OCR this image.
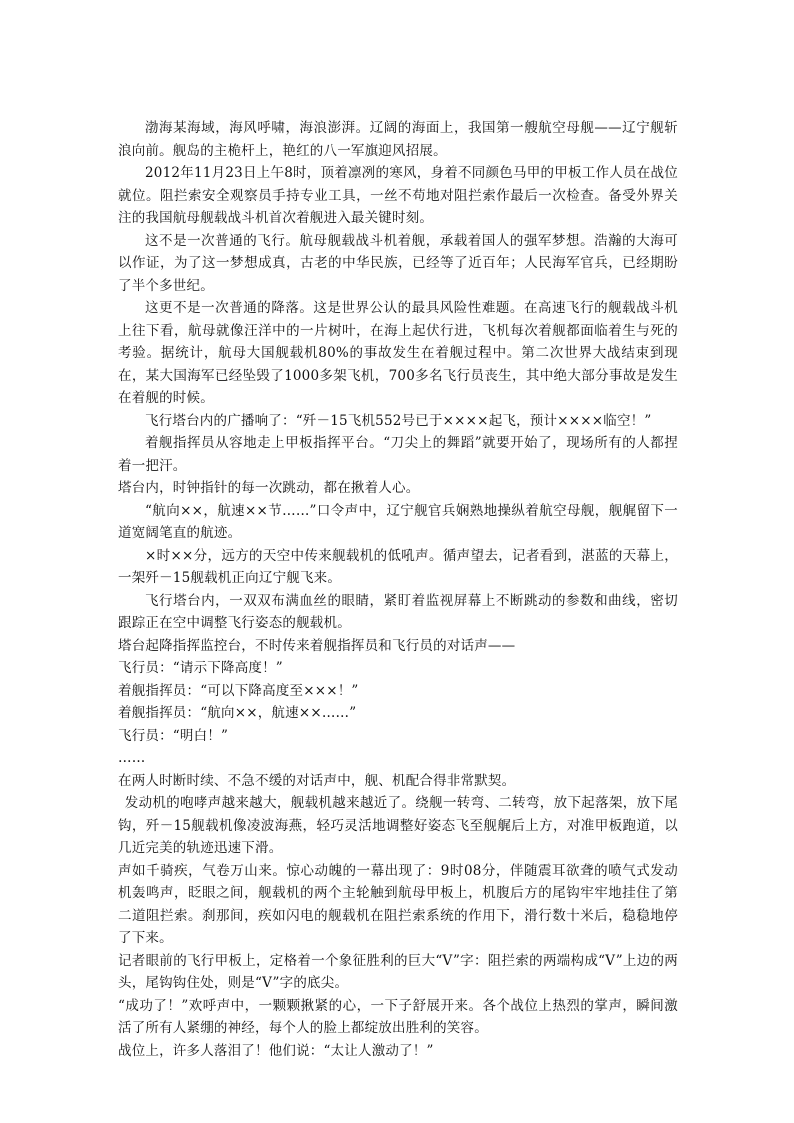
渤海某海域，海风呼啸，海浪澎湃。辽阔的海面上，我国第一艘航空母舰——辽宁舰斩浪向前。舰岛的主桅杆上，艳红的八一军旗迎风招展。

2012年11月23日上午8时，顶着凛冽的寒风，身着不同颜色马甲的甲板工作人员在战位就位。阻拦索安全观察员手持专业工具，一丝不苟地对阻拦索作最后一次检查。备受外界关注的我国航母舰载战斗机首次着舰进入最关键时刻。

这不是一次普通的飞行。航母舰载战斗机着舰，承载着国人的强军梦想。浩瀚的大海可以作证，为了这一梦想成真，古老的中华民族，已经等了近百年；人民海军官兵，已经期盼了半个多世纪。

这更不是一次普通的降落。这是世界公认的最具风险性难题。在高速飞行的舰载战斗机上往下看，航母就像汪洋中的一片树叶，在海上起伏行进，飞机每次着舰都面临着生与死的考验。据统计，航母大国舰载机80%的事故发生在着舰过程中。第二次世界大战结束到现在，某大国海军已经坠毁了1000多架飞机，700多名飞行员丧生，其中绝大部分事故是发生在着舰的时候。

飞行塔台内的广播响了：“歼－15飞机552号已于××××起飞，预计××××临空！”

着舰指挥员从容地走上甲板指挥平台。“刀尖上的舞蹈”就要开始了，现场所有的人都捏着一把汗。

塔台内，时钟指针的每一次跳动，都在揪着人心。

“航向××，航速××节……”口令声中，辽宁舰官兵娴熟地操纵着航空母舰，舰艉留下一道宽阔笔直的航迹。

×时××分，远方的天空中传来舰载机的低吼声。循声望去，记者看到，湛蓝的天幕上，一架歼－15舰载机正向辽宁舰飞来。

飞行塔台内，一双双布满血丝的眼睛，紧盯着监视屏幕上不断跳动的参数和曲线，密切跟踪正在空中调整飞行姿态的舰载机。

塔台起降指挥监控台，不时传来着舰指挥员和飞行员的对话声——

飞行员：“请示下降高度！”

着舰指挥员：“可以下降高度至×××！”

着舰指挥员：“航向××，航速××……”

飞行员：“明白！”

……

在两人时断时续、不急不缓的对话声中，舰、机配合得非常默契。

发动机的咆哮声越来越大，舰载机越来越近了。绕舰一转弯、二转弯，放下起落架，放下尾钩，歼－15舰载机像凌波海燕，轻巧灵活地调整好姿态飞至舰艉后上方，对准甲板跑道，以几近完美的轨迹迅速下滑。

声如千骑疾，气卷万山来。惊心动魄的一幕出现了：9时08分，伴随震耳欲聋的喷气式发动机轰鸣声，眨眼之间，舰载机的两个主轮触到航母甲板上，机腹后方的尾钩牢牢地挂住了第二道阻拦索。刹那间，疾如闪电的舰载机在阻拦索系统的作用下，滑行数十米后，稳稳地停了下来。

记者眼前的飞行甲板上，定格着一个象征胜利的巨大“V”字：阻拦索的两端构成“V”上边的两头，尾钩钩住处，则是“V”字的底尖。

“成功了！”欢呼声中，一颗颗揪紧的心，一下子舒展开来。各个战位上热烈的掌声，瞬间激活了所有人紧绷的神经，每个人的脸上都绽放出胜利的笑容。

战位上，许多人落泪了！他们说：“太让人激动了！”
